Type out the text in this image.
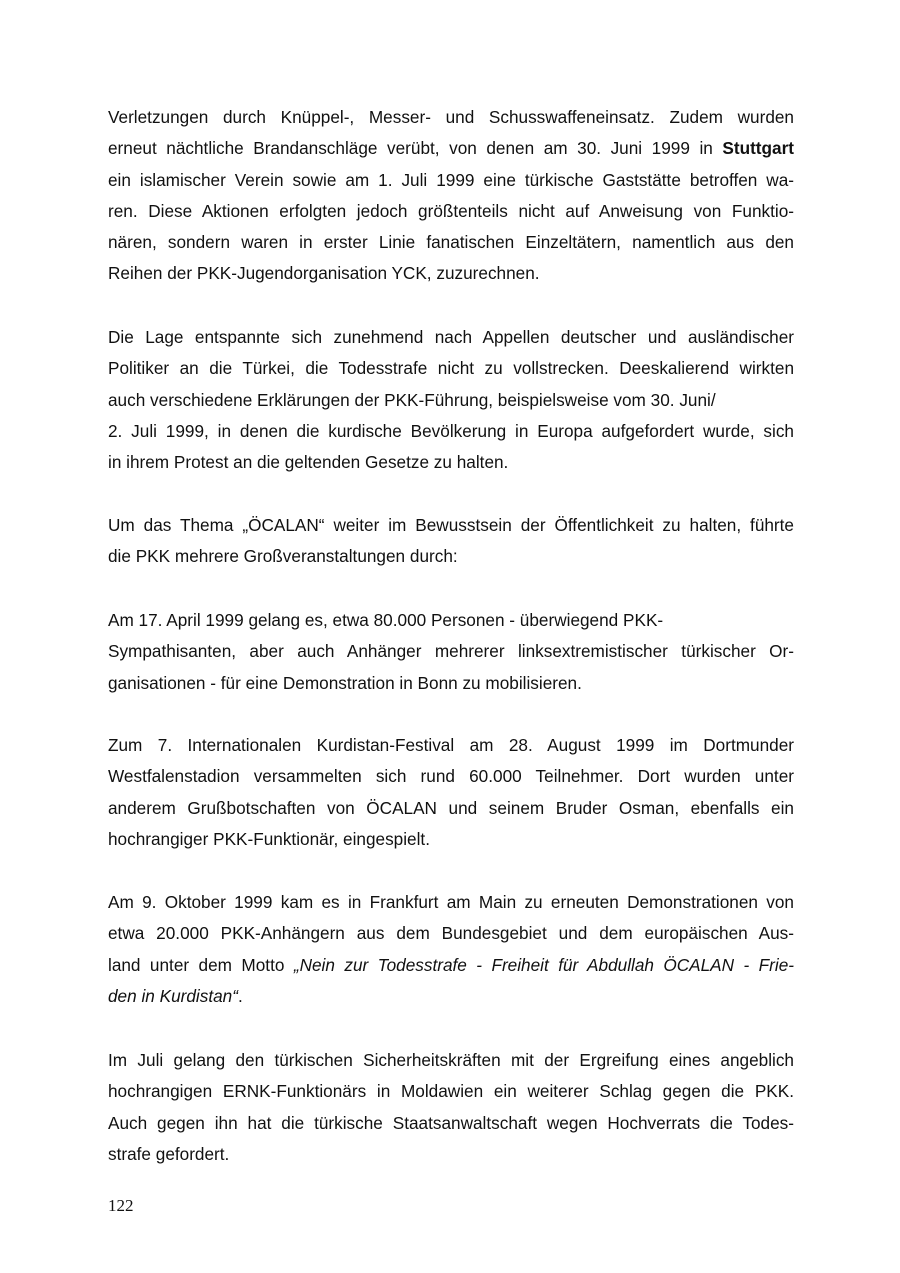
Verletzungen durch Knüppel-, Messer- und Schusswaffeneinsatz. Zudem wurden
erneut nächtliche Brandanschläge verübt, von denen am 30. Juni 1999 in Stuttgart
ein islamischer Verein sowie am 1. Juli 1999 eine türkische Gaststätte betroffen wa-
ren. Diese Aktionen erfolgten jedoch größtenteils nicht auf Anweisung von Funktio-
nären, sondern waren in erster Linie fanatischen Einzeltätern, namentlich aus den
Reihen der PKK-Jugendorganisation YCK, zuzurechnen.
Die Lage entspannte sich zunehmend nach Appellen deutscher und ausländischer
Politiker an die Türkei, die Todesstrafe nicht zu vollstrecken. Deeskalierend wirkten
auch verschiedene Erklärungen der PKK-Führung, beispielsweise vom 30. Juni/
2. Juli 1999, in denen die kurdische Bevölkerung in Europa aufgefordert wurde, sich
in ihrem Protest an die geltenden Gesetze zu halten.
Um das Thema „ÖCALAN“ weiter im Bewusstsein der Öffentlichkeit zu halten, führte
die PKK mehrere Großveranstaltungen durch:
Am 17. April 1999 gelang es, etwa 80.000 Personen - überwiegend PKK-
Sympathisanten, aber auch Anhänger mehrerer linksextremistischer türkischer Or-
ganisationen - für eine Demonstration in Bonn zu mobilisieren.
Zum 7. Internationalen Kurdistan-Festival am 28. August 1999 im Dortmunder
Westfalenstadion versammelten sich rund 60.000 Teilnehmer. Dort wurden unter
anderem Grußbotschaften von ÖCALAN und seinem Bruder Osman, ebenfalls ein
hochrangiger PKK-Funktionär, eingespielt.
Am 9. Oktober 1999 kam es in Frankfurt am Main zu erneuten Demonstrationen von
etwa 20.000 PKK-Anhängern aus dem Bundesgebiet und dem europäischen Aus-
land unter dem Motto „Nein zur Todesstrafe - Freiheit für Abdullah ÖCALAN - Frie-
den in Kurdistan“.
Im Juli gelang den türkischen Sicherheitskräften mit der Ergreifung eines angeblich
hochrangigen ERNK-Funktionärs in Moldawien ein weiterer Schlag gegen die PKK.
Auch gegen ihn hat die türkische Staatsanwaltschaft wegen Hochverrats die Todes-
strafe gefordert.
122
